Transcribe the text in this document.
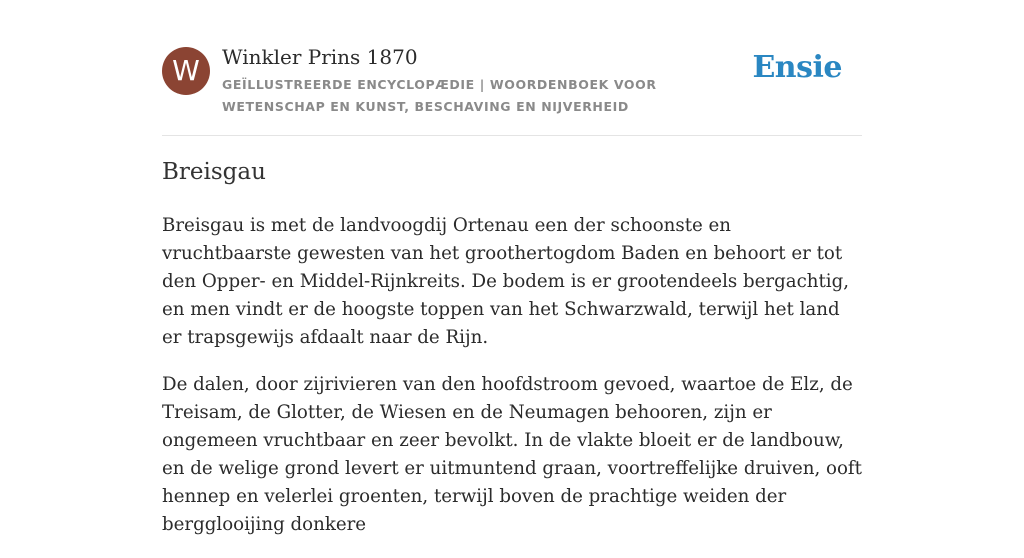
W	Winkler Prins 1870
GEÏLLUSTREERDE ENCYCLOPÆDIE | WOORDENBOEK VOOR WETENSCHAP EN KUNST, BESCHAVING EN NIJVERHEID
Ensie
Breisgau

Breisgau is met de landvoogdij Ortenau een der schoonste en vruchtbaarste gewesten van het groothertogdom Baden en behoort er tot den Opper- en Middel-Rijnkreits. De bodem is er grootendeels bergachtig, en men vindt er de hoogste toppen van het Schwarzwald, terwijl het land er trapsgewijs afdaalt naar de Rijn.

De dalen, door zijrivieren van den hoofdstroom gevoed, waartoe de Elz, de Treisam, de Glotter, de Wiesen en de Neumagen behooren, zijn er ongemeen vruchtbaar en zeer bevolkt. In de vlakte bloeit er de landbouw, en de welige grond levert er uitmuntend graan, voortreffelijke druiven, ooft hennep en velerlei groenten, terwijl boven de prachtige weiden der bergglooijing donkere
